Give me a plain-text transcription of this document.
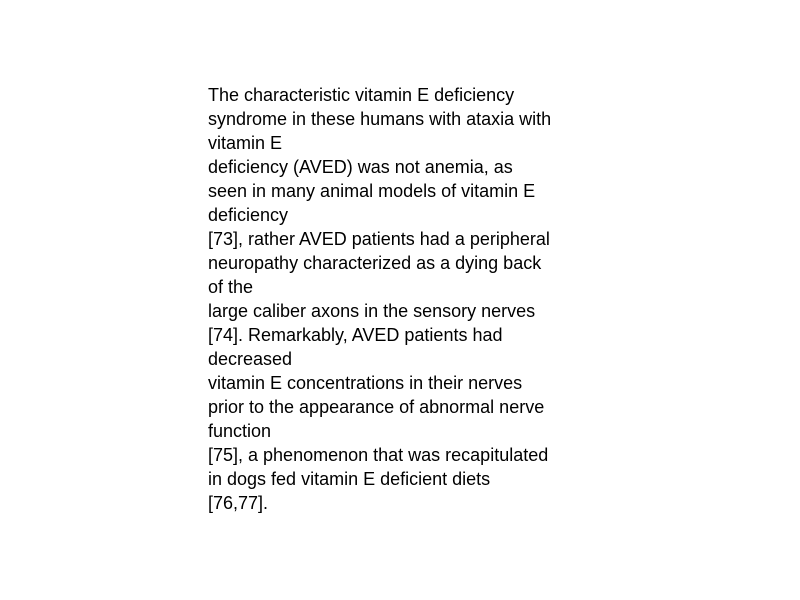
The characteristic vitamin E deficiency
syndrome in these humans with ataxia with
vitamin E
deficiency (AVED) was not anemia, as
seen in many animal models of vitamin E
deficiency
[73], rather AVED patients had a peripheral
neuropathy characterized as a dying back
of the
large caliber axons in the sensory nerves
[74]. Remarkably, AVED patients had
decreased
vitamin E concentrations in their nerves
prior to the appearance of abnormal nerve
function
[75], a phenomenon that was recapitulated
in dogs fed vitamin E deficient diets
[76,77].
